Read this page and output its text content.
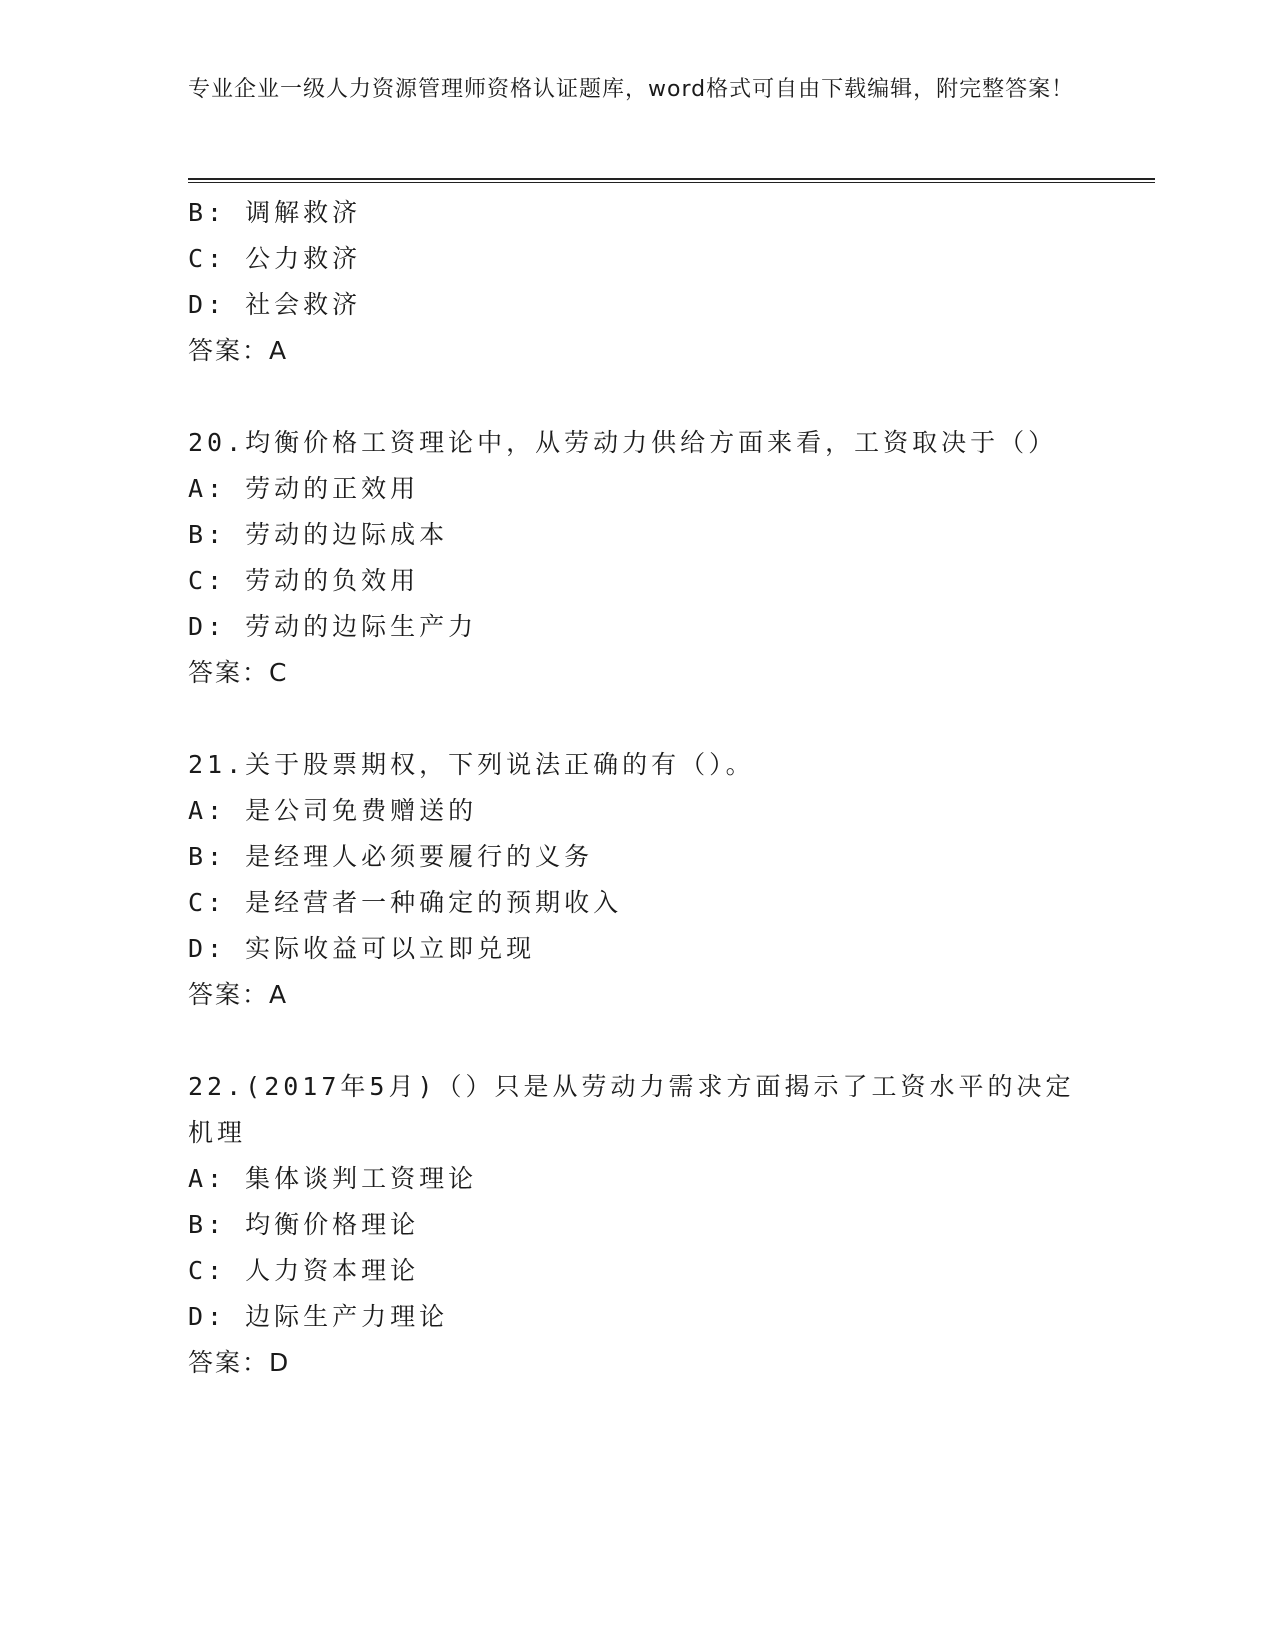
专业企业一级人力资源管理师资格认证题库，word格式可自由下载编辑，附完整答案！
B: 调解救济
C: 公力救济
D: 社会救济
答案：A
20.均衡价格工资理论中，从劳动力供给方面来看，工资取决于（）
A: 劳动的正效用
B: 劳动的边际成本
C: 劳动的负效用
D: 劳动的边际生产力
答案：C
21.关于股票期权，下列说法正确的有（）。
A: 是公司免费赠送的
B: 是经理人必须要履行的义务
C: 是经营者一种确定的预期收入
D: 实际收益可以立即兑现
答案：A
22.(2017年5月)（）只是从劳动力需求方面揭示了工资水平的决定机理
A: 集体谈判工资理论
B: 均衡价格理论
C: 人力资本理论
D: 边际生产力理论
答案：D
